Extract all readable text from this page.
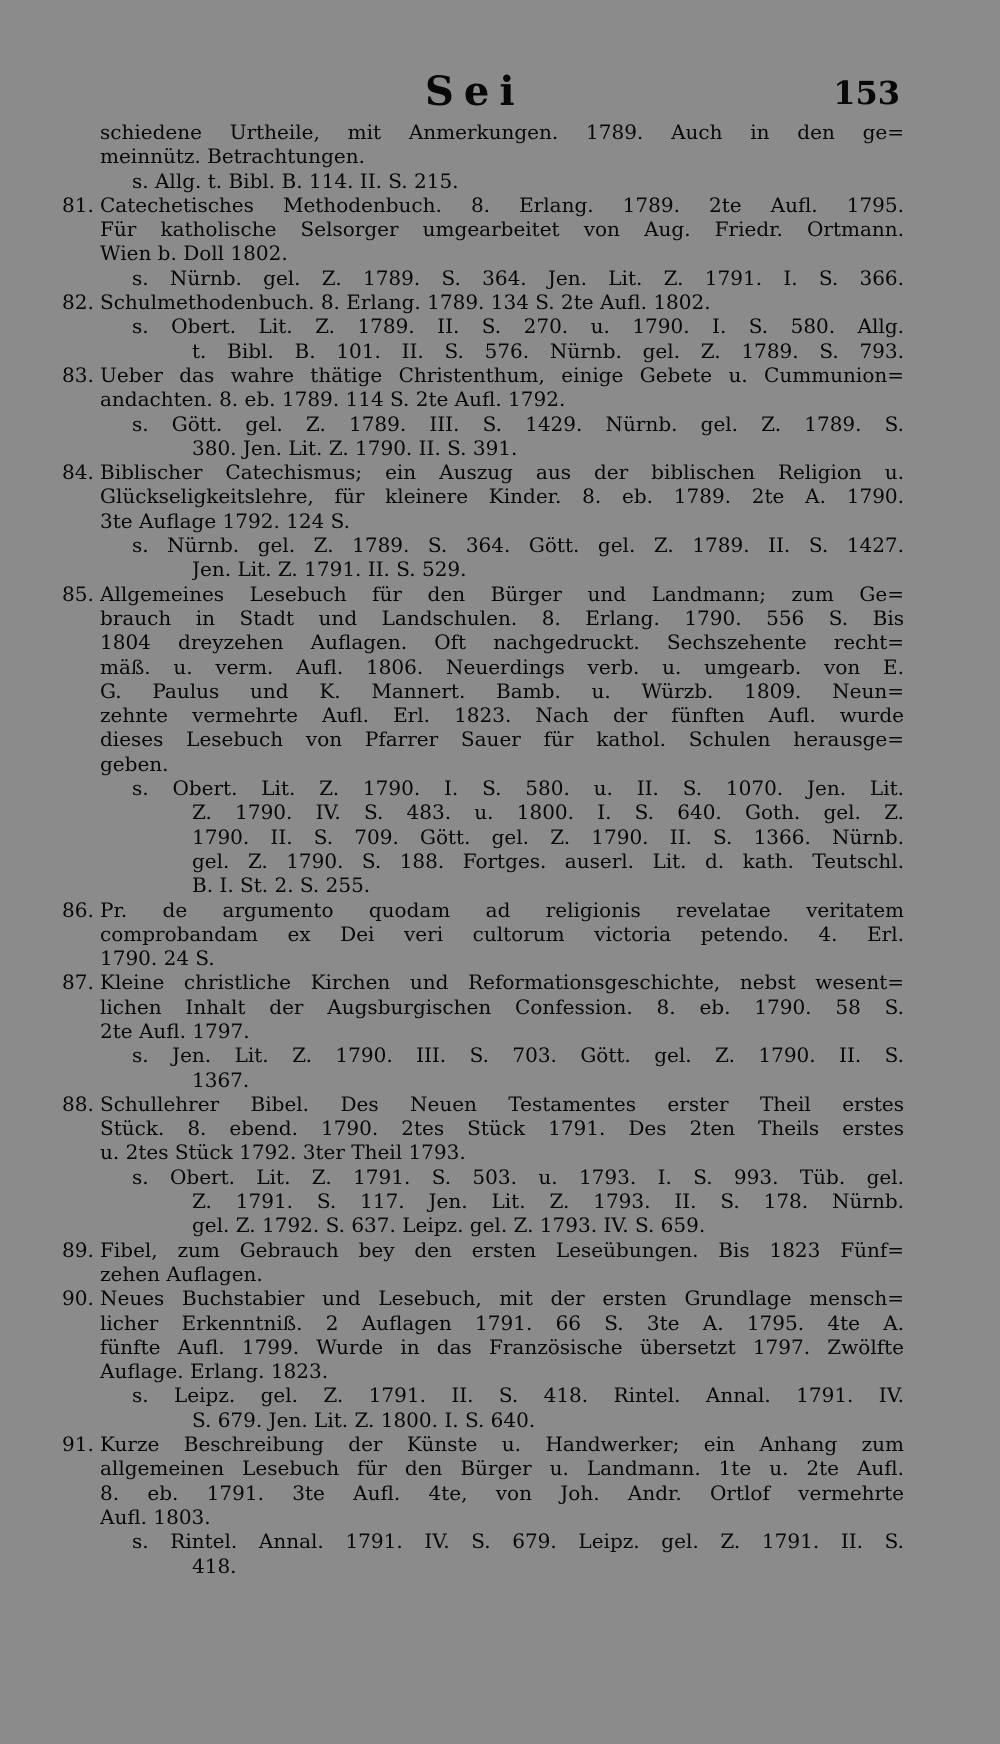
Sei	153
schiedene Urtheile, mit Anmerkungen. 1789. Auch in den ge=
meinnütz. Betrachtungen.
s. Allg. t. Bibl. B. 114. II. S. 215.
81. Catechetisches Methodenbuch. 8. Erlang. 1789. 2te Aufl. 1795.
Für katholische Selsorger umgearbeitet von Aug. Friedr. Ortmann.
Wien b. Doll 1802.
s. Nürnb. gel. Z. 1789. S. 364. Jen. Lit. Z. 1791. I. S. 366.
82. Schulmethodenbuch. 8. Erlang. 1789. 134 S. 2te Aufl. 1802.
s. Obert. Lit. Z. 1789. II. S. 270. u. 1790. I. S. 580. Allg.
t. Bibl. B. 101. II. S. 576. Nürnb. gel. Z. 1789. S. 793.
83. Ueber das wahre thätige Christenthum, einige Gebete u. Cummunion=
andachten. 8. eb. 1789. 114 S. 2te Aufl. 1792.
s. Gött. gel. Z. 1789. III. S. 1429. Nürnb. gel. Z. 1789. S.
380. Jen. Lit. Z. 1790. II. S. 391.
84. Biblischer Catechismus; ein Auszug aus der biblischen Religion u.
Glückseligkeitslehre, für kleinere Kinder. 8. eb. 1789. 2te A. 1790.
3te Auflage 1792. 124 S.
s. Nürnb. gel. Z. 1789. S. 364. Gött. gel. Z. 1789. II. S. 1427.
Jen. Lit. Z. 1791. II. S. 529.
85. Allgemeines Lesebuch für den Bürger und Landmann; zum Ge=
brauch in Stadt und Landschulen. 8. Erlang. 1790. 556 S. Bis
1804 dreyzehen Auflagen. Oft nachgedruckt. Sechszehente recht=
mäß. u. verm. Aufl. 1806. Neuerdings verb. u. umgearb. von E.
G. Paulus und K. Mannert. Bamb. u. Würzb. 1809. Neun=
zehnte vermehrte Aufl. Erl. 1823. Nach der fünften Aufl. wurde
dieses Lesebuch von Pfarrer Sauer für kathol. Schulen herausge=
geben.
s. Obert. Lit. Z. 1790. I. S. 580. u. II. S. 1070. Jen. Lit.
Z. 1790. IV. S. 483. u. 1800. I. S. 640. Goth. gel. Z.
1790. II. S. 709. Gött. gel. Z. 1790. II. S. 1366. Nürnb.
gel. Z. 1790. S. 188. Fortges. auserl. Lit. d. kath. Teutschl.
B. I. St. 2. S. 255.
86. Pr. de argumento quodam ad religionis revelatae veritatem
comprobandam ex Dei veri cultorum victoria petendo. 4. Erl.
1790. 24 S.
87. Kleine christliche Kirchen und Reformationsgeschichte, nebst wesent=
lichen Inhalt der Augsburgischen Confession. 8. eb. 1790. 58 S.
2te Aufl. 1797.
s. Jen. Lit. Z. 1790. III. S. 703. Gött. gel. Z. 1790. II. S.
1367.
88. Schullehrer Bibel. Des Neuen Testamentes erster Theil erstes
Stück. 8. ebend. 1790. 2tes Stück 1791. Des 2ten Theils erstes
u. 2tes Stück 1792. 3ter Theil 1793.
s. Obert. Lit. Z. 1791. S. 503. u. 1793. I. S. 993. Tüb. gel.
Z. 1791. S. 117. Jen. Lit. Z. 1793. II. S. 178. Nürnb.
gel. Z. 1792. S. 637. Leipz. gel. Z. 1793. IV. S. 659.
89. Fibel, zum Gebrauch bey den ersten Leseübungen. Bis 1823 Fünf=
zehen Auflagen.
90. Neues Buchstabier und Lesebuch, mit der ersten Grundlage mensch=
licher Erkenntniß. 2 Auflagen 1791. 66 S. 3te A. 1795. 4te A.
fünfte Aufl. 1799. Wurde in das Französische übersetzt 1797. Zwölfte
Auflage. Erlang. 1823.
s. Leipz. gel. Z. 1791. II. S. 418. Rintel. Annal. 1791. IV.
S. 679. Jen. Lit. Z. 1800. I. S. 640.
91. Kurze Beschreibung der Künste u. Handwerker; ein Anhang zum
allgemeinen Lesebuch für den Bürger u. Landmann. 1te u. 2te Aufl.
8. eb. 1791. 3te Aufl. 4te, von Joh. Andr. Ortlof vermehrte
Aufl. 1803.
s. Rintel. Annal. 1791. IV. S. 679. Leipz. gel. Z. 1791. II. S.
418.
